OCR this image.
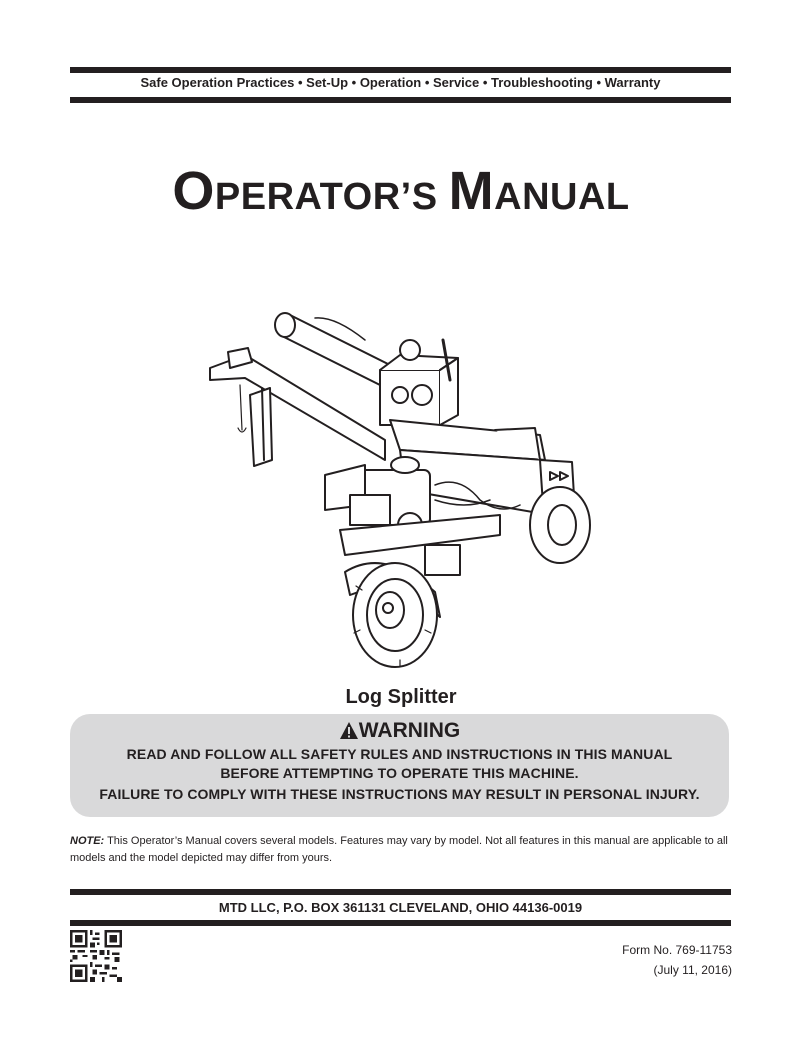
Safe Operation Practices • Set-Up • Operation • Service • Troubleshooting • Warranty
OPERATOR’S MANUAL
Log Splitter
WARNING
READ AND FOLLOW ALL SAFETY RULES AND INSTRUCTIONS IN THIS MANUAL
BEFORE ATTEMPTING TO OPERATE THIS MACHINE.
FAILURE TO COMPLY WITH THESE INSTRUCTIONS MAY RESULT IN PERSONAL INJURY.
NOTE: This Operator’s Manual covers several models. Features may vary by model. Not all features in this manual are applicable to all models and the model depicted may differ from yours.
MTD LLC, P.O. BOX 361131 CLEVELAND, OHIO 44136-0019
Form No. 769-11753
(July 11, 2016)
